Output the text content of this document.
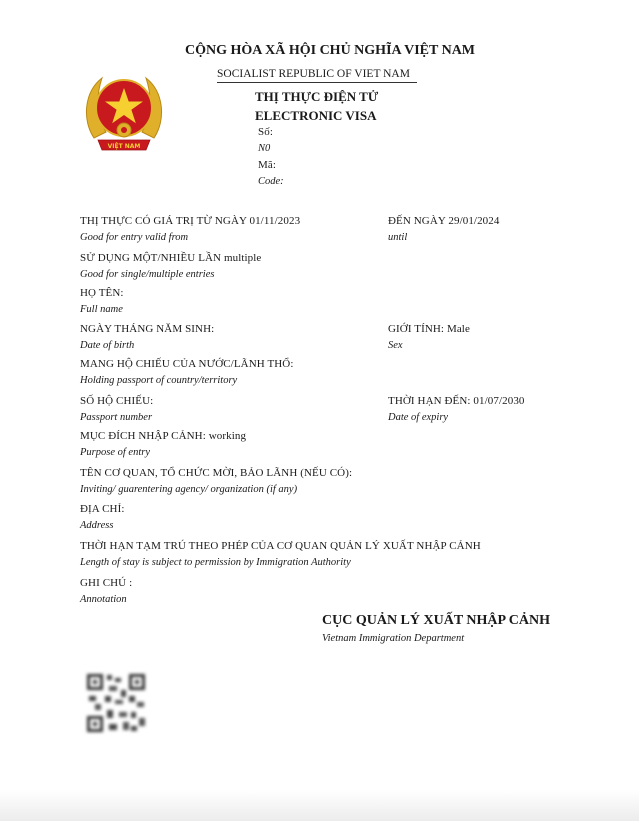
VIỆT NAM
CỘNG HÒA XÃ HỘI CHỦ NGHĨA VIỆT NAM
SOCIALIST REPUBLIC OF VIET NAM
THỊ THỰC ĐIỆN TỬ
ELECTRONIC VISA
Số:
N0
Mã:
Code:
THỊ THỰC CÓ GIÁ TRỊ TỪ NGÀY 01/11/2023
Good for entry valid from
ĐẾN NGÀY 29/01/2024
until
SỬ DỤNG MỘT/NHIỀU LẦN multiple
Good for single/multiple entries
HỌ TÊN:
Full name
NGÀY THÁNG NĂM SINH:
Date of birth
GIỚI TÍNH: Male
Sex
MANG HỘ CHIẾU CỦA NƯỚC/LÃNH THỔ:
Holding passport of country/territory
SỐ HỘ CHIẾU:
Passport number
THỜI HẠN ĐẾN: 01/07/2030
Date of expiry
MỤC ĐÍCH NHẬP CẢNH: working
Purpose of entry
TÊN CƠ QUAN, TỔ CHỨC MỜI, BẢO LÃNH (NẾU CÓ):
Inviting/ guarentering agency/ organization (if any)
ĐỊA CHỈ:
Address
THỜI HẠN TẠM TRÚ THEO PHÉP CỦA CƠ QUAN QUẢN LÝ XUẤT NHẬP CẢNH
Length of stay is subject to permission by Immigration Authority
GHI CHÚ :
Annotation
CỤC QUẢN LÝ XUẤT NHẬP CẢNH
Vietnam Immigration Department
